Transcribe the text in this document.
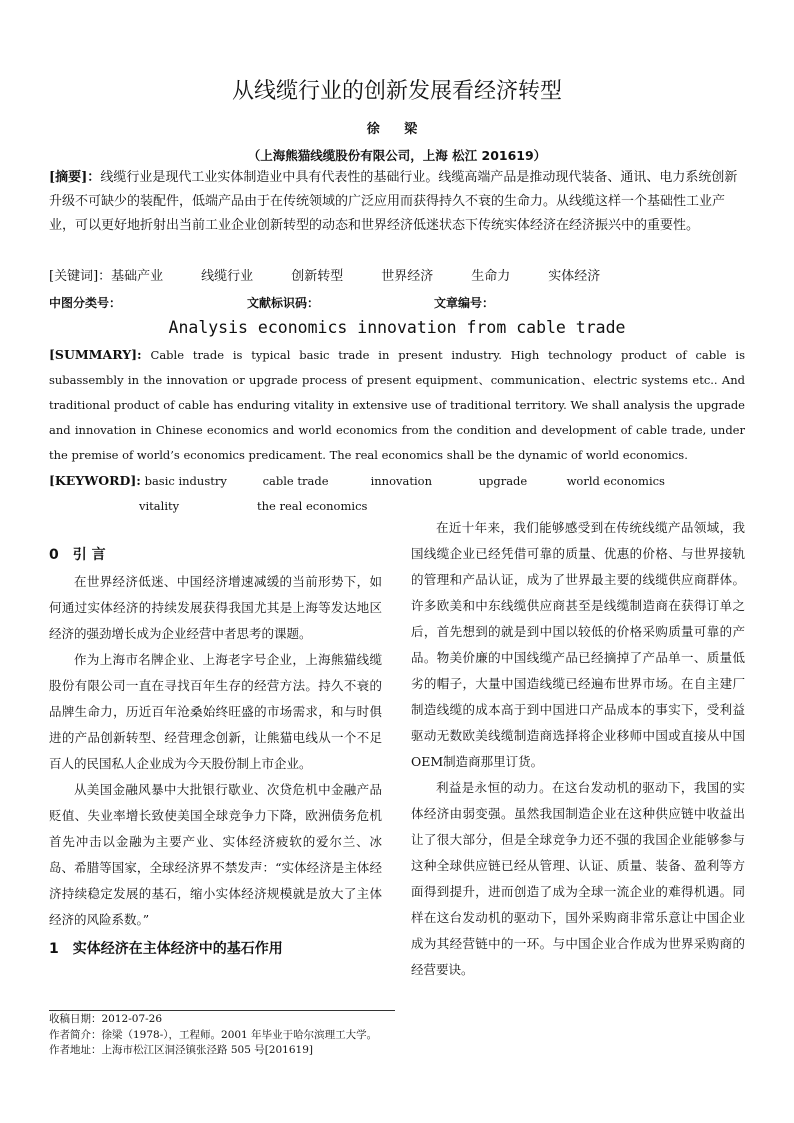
从线缆行业的创新发展看经济转型
徐 梁
（上海熊猫线缆股份有限公司，上海 松江 201619）
[摘要]：线缆行业是现代工业实体制造业中具有代表性的基础行业。线缆高端产品是推动现代装备、通讯、电力系统创新升级不可缺少的装配件，低端产品由于在传统领域的广泛应用而获得持久不衰的生命力。从线缆这样一个基础性工业产业，可以更好地折射出当前工业企业创新转型的动态和世界经济低迷状态下传统实体经济在经济振兴中的重要性。
[关键词]：基础产业	线缆行业	创新转型	世界经济	生命力	实体经济
中图分类号：	文献标识码：	文章编号：
Analysis economics innovation from cable trade
[SUMMARY]: Cable trade is typical basic trade in present industry. High technology product of cable is subassembly in the innovation or upgrade process of present equipment、communication、electric systems etc.. And traditional product of cable has enduring vitality in extensive use of traditional territory. We shall analysis the upgrade and innovation in Chinese economics and world economics from the condition and development of cable trade, under the premise of world’s economics predicament. The real economics shall be the dynamic of world economics.
[KEYWORD]: basic industry	cable trade	innovation	upgrade	world economics
vitality	the real economics
0　引 言

在世界经济低迷、中国经济增速减缓的当前形势下，如何通过实体经济的持续发展获得我国尤其是上海等发达地区经济的强劲增长成为企业经营中者思考的课题。

作为上海市名牌企业、上海老字号企业，上海熊猫线缆股份有限公司一直在寻找百年生存的经营方法。持久不衰的品牌生命力，历近百年沧桑始终旺盛的市场需求，和与时俱进的产品创新转型、经营理念创新，让熊猫电线从一个不足百人的民国私人企业成为今天股份制上市企业。

从美国金融风暴中大批银行歇业、次贷危机中金融产品贬值、失业率增长致使美国全球竞争力下降，欧洲债务危机首先冲击以金融为主要产业、实体经济疲软的爱尔兰、冰岛、希腊等国家，全球经济界不禁发声：“实体经济是主体经济持续稳定发展的基石，缩小实体经济规模就是放大了主体经济的风险系数。”

1　实体经济在主体经济中的基石作用

在近十年来，我们能够感受到在传统线缆产品领域，我国线缆企业已经凭借可靠的质量、优惠的价格、与世界接轨的管理和产品认证，成为了世界最主要的线缆供应商群体。许多欧美和中东线缆供应商甚至是线缆制造商在获得订单之后，首先想到的就是到中国以较低的价格采购质量可靠的产品。物美价廉的中国线缆产品已经摘掉了产品单一、质量低劣的帽子，大量中国造线缆已经遍布世界市场。在自主建厂制造线缆的成本高于到中国进口产品成本的事实下，受利益驱动无数欧美线缆制造商选择将企业移师中国或直接从中国OEM制造商那里订货。

利益是永恒的动力。在这台发动机的驱动下，我国的实体经济由弱变强。虽然我国制造企业在这种供应链中收益出让了很大部分，但是全球竞争力还不强的我国企业能够参与这种全球供应链已经从管理、认证、质量、装备、盈利等方面得到提升，进而创造了成为全球一流企业的难得机遇。同样在这台发动机的驱动下，国外采购商非常乐意让中国企业成为其经营链中的一环。与中国企业合作成为世界采购商的经营要诀。

收稿日期：2012-07-26
作者简介：徐梁（1978-），工程师。2001 年毕业于哈尔滨理工大学。
作者地址：上海市松江区洞泾镇张泾路 505 号[201619]
